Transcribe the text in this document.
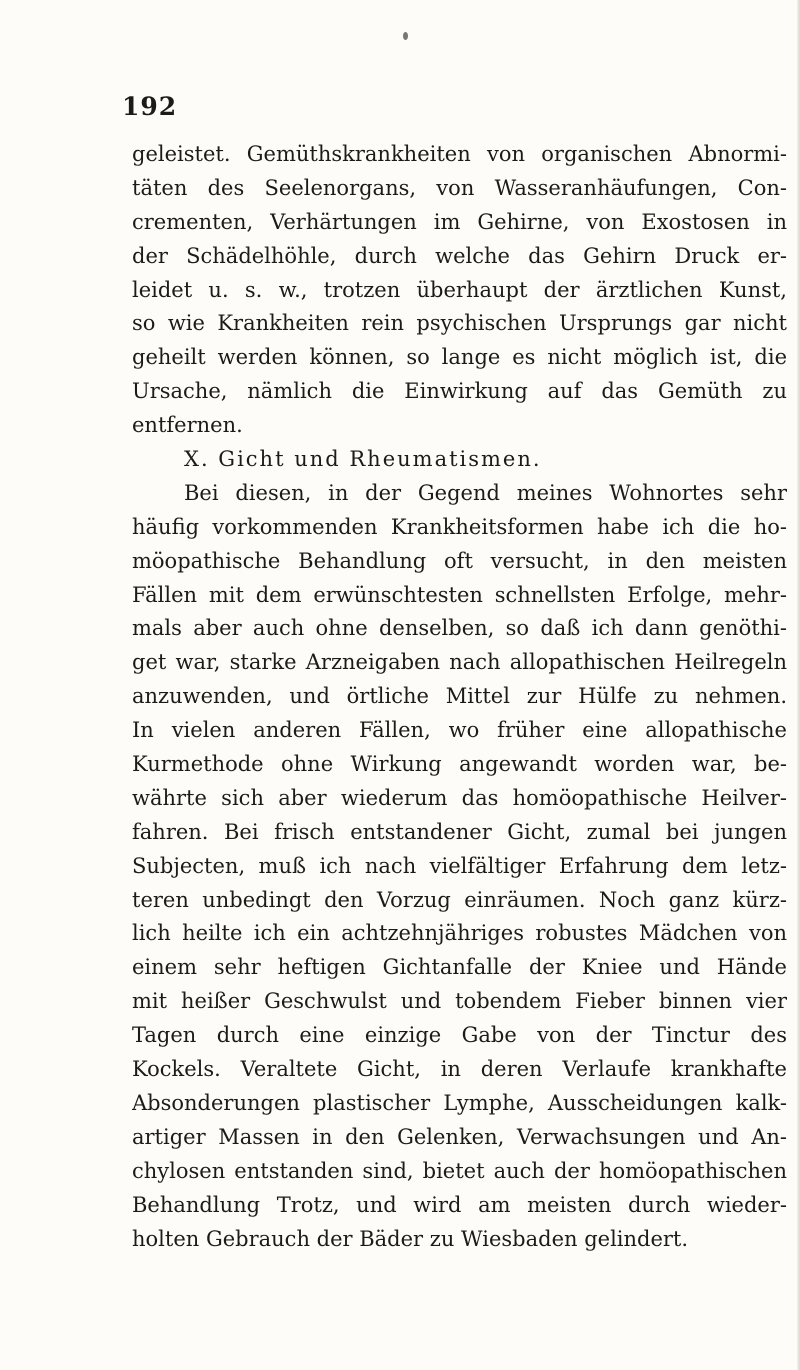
192
geleistet. Gemüthskrankheiten von organischen Abnormi-
täten des Seelenorgans, von Wasseranhäufungen, Con-
crementen, Verhärtungen im Gehirne, von Exostosen in
der Schädelhöhle, durch welche das Gehirn Druck er-
leidet u. s. w., trotzen überhaupt der ärztlichen Kunst,
so wie Krankheiten rein psychischen Ursprungs gar nicht
geheilt werden können, so lange es nicht möglich ist, die
Ursache, nämlich die Einwirkung auf das Gemüth zu
entfernen.
X. Gicht und Rheumatismen.
Bei diesen, in der Gegend meines Wohnortes sehr
häufig vorkommenden Krankheitsformen habe ich die ho-
möopathische Behandlung oft versucht, in den meisten
Fällen mit dem erwünschtesten schnellsten Erfolge, mehr-
mals aber auch ohne denselben, so daß ich dann genöthi-
get war, starke Arzneigaben nach allopathischen Heilregeln
anzuwenden, und örtliche Mittel zur Hülfe zu nehmen.
In vielen anderen Fällen, wo früher eine allopathische
Kurmethode ohne Wirkung angewandt worden war, be-
währte sich aber wiederum das homöopathische Heilver-
fahren. Bei frisch entstandener Gicht, zumal bei jungen
Subjecten, muß ich nach vielfältiger Erfahrung dem letz-
teren unbedingt den Vorzug einräumen. Noch ganz kürz-
lich heilte ich ein achtzehnjähriges robustes Mädchen von
einem sehr heftigen Gichtanfalle der Kniee und Hände
mit heißer Geschwulst und tobendem Fieber binnen vier
Tagen durch eine einzige Gabe von der Tinctur des
Kockels. Veraltete Gicht, in deren Verlaufe krankhafte
Absonderungen plastischer Lymphe, Ausscheidungen kalk-
artiger Massen in den Gelenken, Verwachsungen und An-
chylosen entstanden sind, bietet auch der homöopathischen
Behandlung Trotz, und wird am meisten durch wieder-
holten Gebrauch der Bäder zu Wiesbaden gelindert.
